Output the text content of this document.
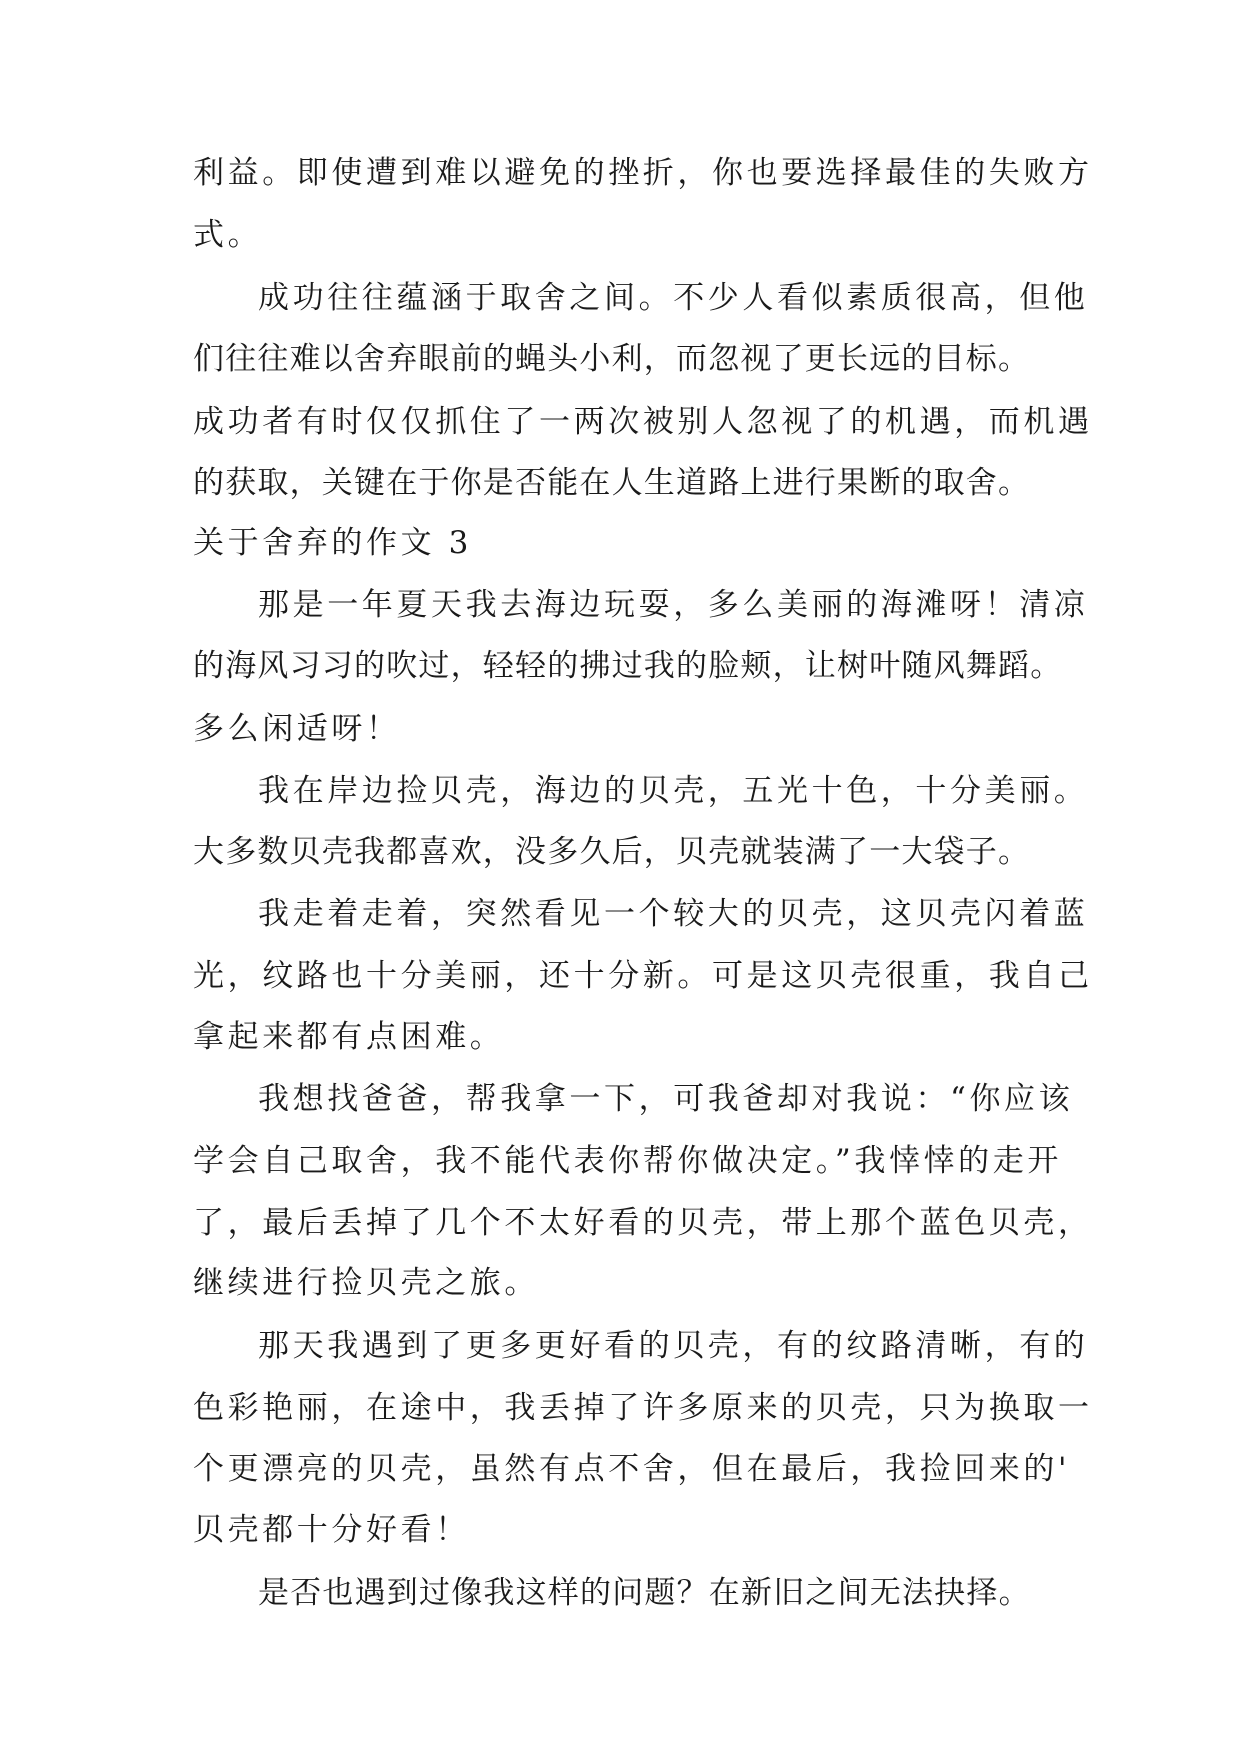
利益。即使遭到难以避免的挫折，你也要选择最佳的失败方
式。
成功往往蕴涵于取舍之间。不少人看似素质很高，但他
们往往难以舍弃眼前的蝇头小利，而忽视了更长远的目标。
成功者有时仅仅抓住了一两次被别人忽视了的机遇，而机遇
的获取，关键在于你是否能在人生道路上进行果断的取舍。
关于舍弃的作文 3
那是一年夏天我去海边玩耍，多么美丽的海滩呀！清凉
的海风习习的吹过，轻轻的拂过我的脸颊，让树叶随风舞蹈。
多么闲适呀！
我在岸边捡贝壳，海边的贝壳，五光十色，十分美丽。
大多数贝壳我都喜欢，没多久后，贝壳就装满了一大袋子。
我走着走着，突然看见一个较大的贝壳，这贝壳闪着蓝
光，纹路也十分美丽，还十分新。可是这贝壳很重，我自己
拿起来都有点困难。
我想找爸爸，帮我拿一下，可我爸却对我说：“你应该
学会自己取舍，我不能代表你帮你做决定。”我悻悻的走开
了，最后丢掉了几个不太好看的贝壳，带上那个蓝色贝壳，
继续进行捡贝壳之旅。
那天我遇到了更多更好看的贝壳，有的纹路清晰，有的
色彩艳丽，在途中，我丢掉了许多原来的贝壳，只为换取一
个更漂亮的贝壳，虽然有点不舍，但在最后，我捡回来的'
贝壳都十分好看！
是否也遇到过像我这样的问题？在新旧之间无法抉择。
